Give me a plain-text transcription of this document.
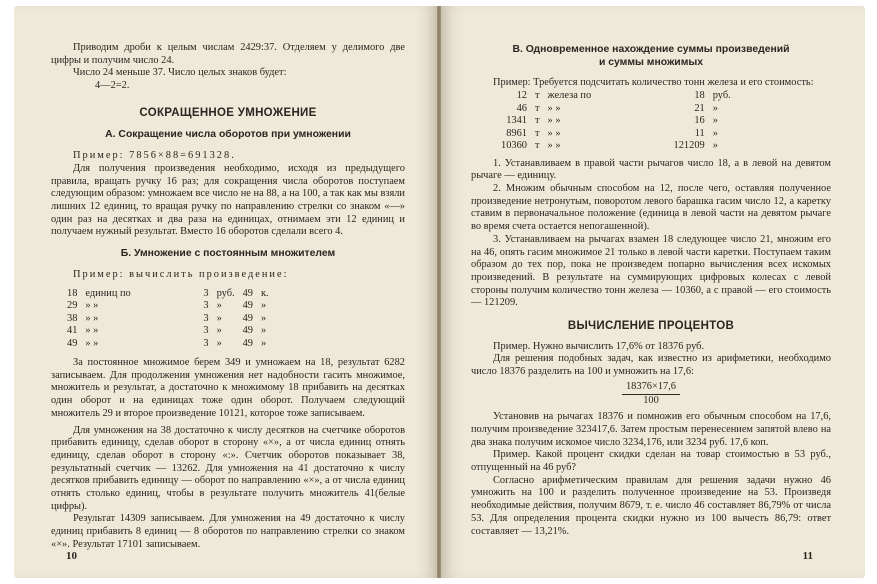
Приводим дроби к целым числам 2429:37. Отделяем у делимого две цифры и получим число 24.

Число 24 меньше 37. Число целых знаков будет:

4—2=2.

СОКРАЩЕННОЕ УМНОЖЕНИЕ
А. Сокращение числа оборотов при умножении

Пример: 7856×88=691328.

Для получения произведения необходимо, исходя из предыдущего правила, вращать ручку 16 раз; для сокращения числа оборотов поступаем следующим образом: умножаем все число не на 88, а на 100, а так как мы взяли лишних 12 единиц, то вращая ручку по направлению стрелки со знаком «—» один раз на десятках и два раза на единицах, отнимаем эти 12 единиц и получаем нужный результат. Вместо 16 оборотов сделали всего 4.

Б. Умножение с постоянным множителем

Пример: вычислить произведение:

18	единиц по	3	руб.	49	к.
29	» »	3	»	49	»
38	» »	3	»	49	»
41	» »	3	»	49	»
49	» »	3	»	49	»

За постоянное множимое берем 349 и умножаем на 18, результат 6282 записываем. Для продолжения умножения нет надобности гасить множимое, множитель и результат, а достаточно к множимому 18 прибавить на десятках один оборот и на единицах тоже один оборот. Получаем следующий множитель 29 и второе произведение 10121, которое тоже записываем.

Для умножения на 38 достаточно к числу десятков на счетчике оборотов прибавить единицу, сделав оборот в сторону «×», а от числа единиц отнять единицу, сделав оборот в сторону «:». Счетчик оборотов показывает 38, результатный счетчик — 13262. Для умножения на 41 достаточно к числу десятков прибавить единицу — оборот по направлению «×», а от числа единиц отнять столько единиц, чтобы в результате получить множитель 41(белые цифры).

Результат 14309 записываем. Для умножения на 49 достаточно к числу единиц прибавить 8 единиц — 8 оборотов по направлению стрелки со знаком «×». Результат 17101 записываем.

10
В. Одновременное нахождение суммы произведений
и суммы множимых

Пример: Требуется подсчитать количество тонн железа и его стоимость:

12	т	железа по	18	руб.
46	т	» »	21	»
1341	т	» »	16	»
8961	т	» »	11	»
10360	т	» »	121209	»

1. Устанавливаем в правой части рычагов число 18, а в левой на девятом рычаге — единицу.

2. Множим обычным способом на 12, после чего, оставляя полученное произведение нетронутым, поворотом левого барашка гасим число 12, а каретку ставим в первоначальное положение (единица в левой части на девятом рычаге во время счета остается непогашенной).

3. Устанавливаем на рычагах взамен 18 следующее число 21, множим его на 46, опять гасим множимое 21 только в левой части каретки. Поступаем таким образом до тех пор, пока не произведем попарно вычисления всех искомых произведений. В результате на суммирующих цифровых колесах с левой стороны получим количество тонн железа — 10360, а с правой — его стоимость — 121209.

ВЫЧИСЛЕНИЕ ПРОЦЕНТОВ

Пример. Нужно вычислить 17,6% от 18376 руб.

Для решения подобных задач, как известно из арифметики, необходимо число 18376 разделить на 100 и умножить на 17,6:

$\frac{18376\times 17,6}{100}$

Установив на рычагах 18376 и помножив его обычным способом на 17,6, получим произведение 323417,6. Затем простым перенесением запятой влево на два знака получим искомое число 3234,176, или 3234 руб. 17,6 коп.

Пример. Какой процент скидки сделан на товар стоимостью в 53 руб., отпущенный на 46 руб?

Согласно арифметическим правилам для решения задачи нужно 46 умножить на 100 и разделить полученное произведение на 53. Произведя необходимые действия, получим 8679, т. е. число 46 составляет 86,79% от числа 53. Для определения процента скидки нужно из 100 вычесть 86,79: ответ составляет — 13,21%.

11
